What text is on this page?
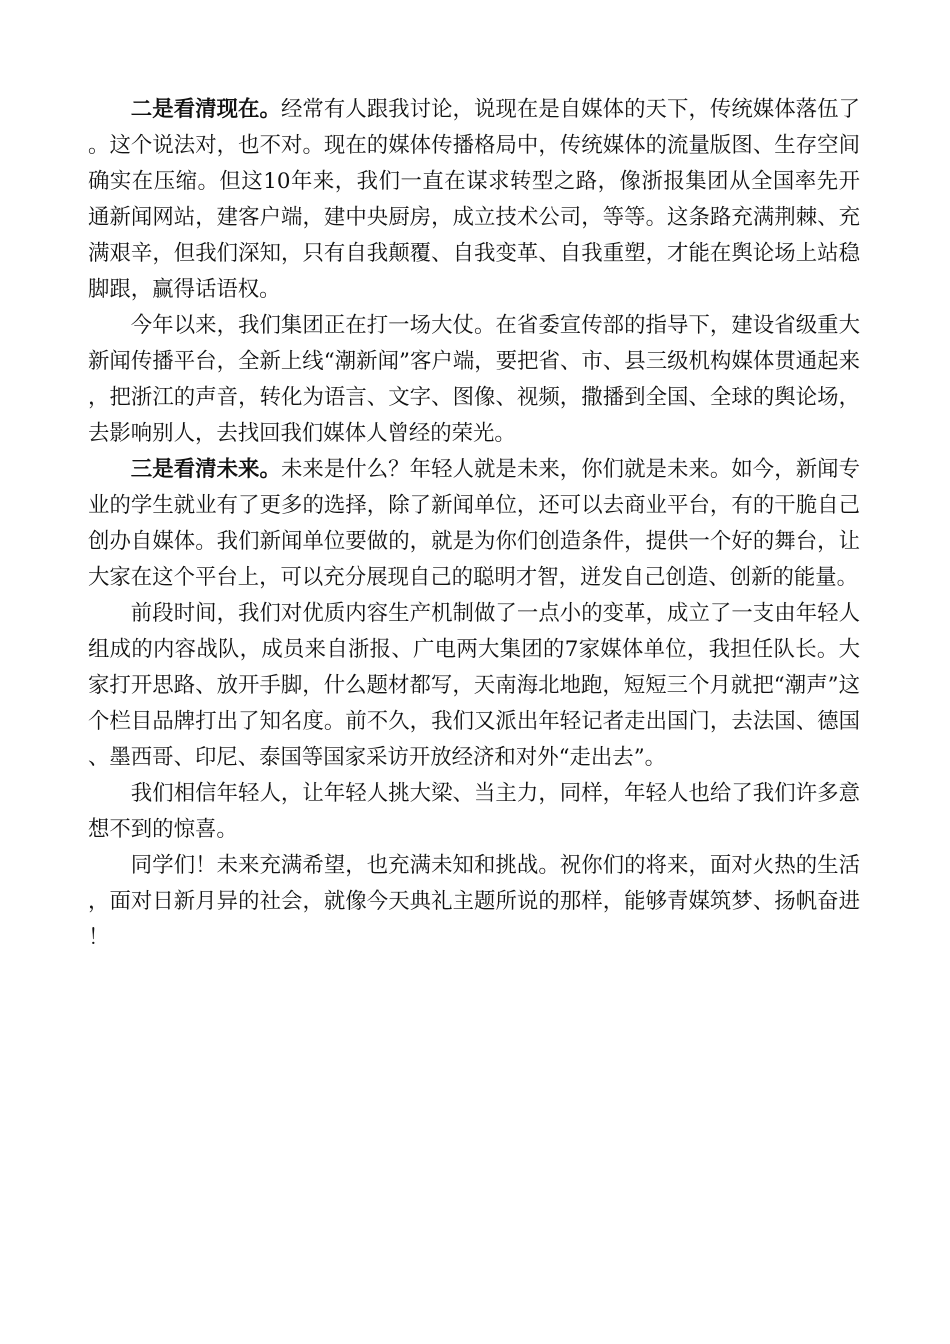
二是看清现在。经常有人跟我讨论，说现在是自媒体的天下，传统媒体落伍了。这个说法对，也不对。现在的媒体传播格局中，传统媒体的流量版图、生存空间确实在压缩。但这10年来，我们一直在谋求转型之路，像浙报集团从全国率先开通新闻网站，建客户端，建中央厨房，成立技术公司，等等。这条路充满荆棘、充满艰辛，但我们深知，只有自我颠覆、自我变革、自我重塑，才能在舆论场上站稳脚跟，赢得话语权。

今年以来，我们集团正在打一场大仗。在省委宣传部的指导下，建设省级重大新闻传播平台，全新上线“潮新闻”客户端，要把省、市、县三级机构媒体贯通起来，把浙江的声音，转化为语言、文字、图像、视频，撒播到全国、全球的舆论场，去影响别人，去找回我们媒体人曾经的荣光。

三是看清未来。未来是什么？年轻人就是未来，你们就是未来。如今，新闻专业的学生就业有了更多的选择，除了新闻单位，还可以去商业平台，有的干脆自己创办自媒体。我们新闻单位要做的，就是为你们创造条件，提供一个好的舞台，让大家在这个平台上，可以充分展现自己的聪明才智，迸发自己创造、创新的能量。

前段时间，我们对优质内容生产机制做了一点小的变革，成立了一支由年轻人组成的内容战队，成员来自浙报、广电两大集团的7家媒体单位，我担任队长。大家打开思路、放开手脚，什么题材都写，天南海北地跑，短短三个月就把“潮声”这个栏目品牌打出了知名度。前不久，我们又派出年轻记者走出国门，去法国、德国、墨西哥、印尼、泰国等国家采访开放经济和对外“走出去”。

我们相信年轻人，让年轻人挑大梁、当主力，同样，年轻人也给了我们许多意想不到的惊喜。

同学们！未来充满希望，也充满未知和挑战。祝你们的将来，面对火热的生活，面对日新月异的社会，就像今天典礼主题所说的那样，能够青媒筑梦、扬帆奋进！
